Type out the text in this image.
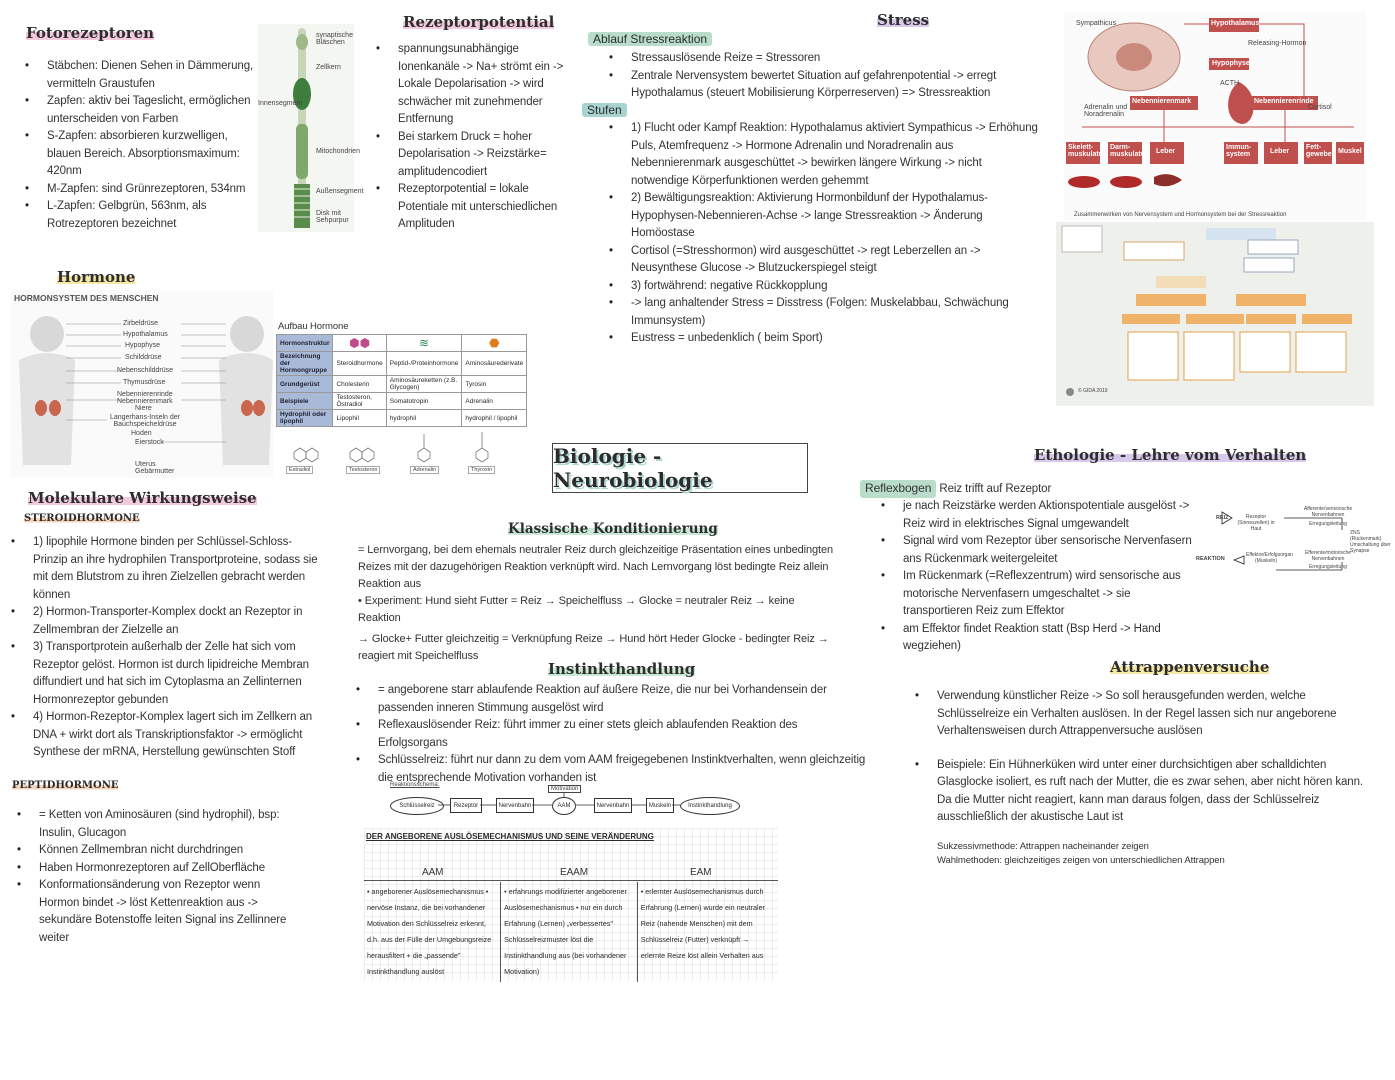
Fotorezeptoren
• Stäbchen: Dienen Sehen in Dämmerung, vermitteln Graustufen
• Zapfen: aktiv bei Tageslicht, ermöglichen unterscheiden von Farben
• S-Zapfen: absorbieren kurzwelligen, blauen Bereich. Absorptionsmaximum: 420nm
• M-Zapfen: sind Grünrezeptoren, 534nm
• L-Zapfen: Gelbgrün, 563nm, als Rotrezeptoren bezeichnet
synaptische Bläschen
Zellkern
Innensegment
Mitochondrien
Außensegment
Disk mit Sehpurpur
Rezeptorpotential
• spannungsunabhängige Ionenkanäle -> Na+ strömt ein -> Lokale Depolarisation -> wird schwächer mit zunehmender Entfernung
• Bei starkem Druck = hoher Depolarisation -> Reizstärke= amplitudencodiert
• Rezeptorpotential = lokale Potentiale mit unterschiedlichen Amplituden
Stress
Ablauf Stressreaktion
• Stressauslösende Reize = Stressoren
• Zentrale Nervensystem bewertet Situation auf gefahrenpotential -> erregt Hypothalamus (steuert Mobilisierung Körperreserven) => Stressreaktion
Stufen
• 1) Flucht oder Kampf Reaktion: Hypothalamus aktiviert Sympathicus -> Erhöhung Puls, Atemfrequenz -> Hormone Adrenalin und Noradrenalin aus Nebennierenmark ausgeschüttet -> bewirken längere Wirkung -> nicht notwendige Körperfunktionen werden gehemmt
• 2) Bewältigungsreaktion: Aktivierung Hormonbildunf der Hypothalamus-Hypophysen-Nebennieren-Achse -> lange Stressreaktion -> Änderung Homöostase
• Cortisol (=Stresshormon) wird ausgeschüttet -> regt Leberzellen an -> Neusynthese Glucose -> Blutzuckerspiegel steigt
• 3) fortwährend: negative Rückkopplung
• -> lang anhaltender Stress = Disstress (Folgen: Muskelabbau, Schwächung Immunsystem)
• Eustress = unbedenklich ( beim Sport)
Sympathicus	Hypothalamus
Releasing-Hormon
Hypophyse
ACTH
Adrenalin und Noradrenalin
Nebennierenmark	Nebennierenrinde
Cortisol
Skelett-muskulatur
Darm-muskulatur Leber
Immun-system	Leber
Fett-gewebe Muskel
Zusammenwirken von Nervensystem und Hormonsystem bei der Stressreaktion
© GIDA 2019
Hormone
HORMONSYSTEM DES MENSCHEN
Zirbeldrüse
Hypothalamus
Hypophyse
Schilddrüse
Nebenschilddrüse
Thymusdrüse
Nebennierenrinde
Nebennierenmark
Niere
Langerhans-Inseln der Bauchspeicheldrüse
Hoden
Eierstock
Uterus
Gebärmutter
Aufbau Hormone
Hormonstruktur	⬢⬢	≋	⬣
Bezeichnung der Hormongruppe	Steroidhormone	Peptid-/Proteinhormone	Aminosäurederivate
Grundgerüst	Cholesterin	Aminosäureketten (z.B. Glycogen)	Tyrosin
Beispiele	Testosteron, Östradiol	Somatotropin	Adrenalin
Hydrophil oder lipophil	Lipophil	hydrophil	hydrophil / lipophil
Estradiol	Testosteron	Adrenalin	Thyroxin
Biologie - Neurobiologie
Molekulare Wirkungsweise
STEROIDHORMONE
• 1) lipophile Hormone binden per Schlüssel-Schloss-Prinzip an ihre hydrophilen Transportproteine, sodass sie mit dem Blutstrom zu ihren Zielzellen gebracht werden können
• 2) Hormon-Transporter-Komplex dockt an Rezeptor in Zellmembran der Zielzelle an
• 3) Transportprotein außerhalb der Zelle hat sich vom Rezeptor gelöst. Hormon ist durch lipidreiche Membran diffundiert und hat sich im Cytoplasma an Zellinternen Hormonrezeptor gebunden
• 4) Hormon-Rezeptor-Komplex lagert sich im Zellkern an DNA + wirkt dort als Transkriptionsfaktor -> ermöglicht Synthese der mRNA, Herstellung gewünschten Stoff
PEPTIDHORMONE
• = Ketten von Aminosäuren (sind hydrophil), bsp: Insulin, Glucagon
• Können Zellmembran nicht durchdringen
• Haben Hormonrezeptoren auf ZellOberfläche
• Konformationsänderung von Rezeptor wenn Hormon bindet -> löst Kettenreaktion aus -> sekundäre Botenstoffe leiten Signal ins Zellinnere weiter
Klassische Konditionierung
= Lernvorgang, bei dem ehemals neutraler Reiz durch gleichzeitige Präsentation eines unbedingten Reizes mit der dazugehörigen Reaktion verknüpft wird. Nach Lernvorgang löst bedingte Reiz allein Reaktion aus
• Experiment: Hund sieht Futter = Reiz → Speichelfluss → Glocke = neutraler Reiz → keine Reaktion
→ Glocke+ Futter gleichzeitig = Verknüpfung Reize → Hund hört Heder Glocke - bedingter Reiz → reagiert mit Speichelfluss
Instinkthandlung
• = angeborene starr ablaufende Reaktion auf äußere Reize, die nur bei Vorhandensein der passenden inneren Stimmung ausgelöst wird
• Reflexauslösender Reiz: führt immer zu einer stets gleich ablaufenden Reaktion des Erfolgsorgans
• Schlüsselreiz: führt nur dann zu dem vom AAM freigegebenen Instinktverhalten, wenn gleichzeitig die entsprechende Motivation vorhanden ist
Reaktionsschema:
Motivation
Schlüsselreiz	Rezeptor	Nervenbahn	AAM	Nervenbahn	Muskeln	Instinkthandlung
DER ANGEBORENE AUSLÖSEMECHANISMUS UND SEINE VERÄNDERUNG
AAM	EAAM	EAM
• angeborener Auslösemechanismus • nervöse Instanz, die bei vorhandener Motivation den Schlüsselreiz erkennt, d.h. aus der Fülle der Umgebungsreize herausfiltert + die „passende" Instinkthandlung auslöst	• erfahrungs modifizierter angeborener Auslösemechanismus • nur ein durch Erfahrung (Lernen) „verbessertes" Schlüsselreizmuster löst die Instinkthandlung aus (bei vorhandener Motivation)	• erlernter Auslösemechanismus durch Erfahrung (Lernen) wurde ein neutraler Reiz (nahende Menschen) mit dem Schlüsselreiz (Futter) verknüpft → erlernte Reize löst allein Verhalten aus
Ethologie - Lehre vom Verhalten
Reflexbogen Reiz trifft auf Rezeptor
• je nach Reizstärke werden Aktionspotentiale ausgelöst -> Reiz wird in elektrisches Signal umgewandelt
• Signal wird vom Rezeptor über sensorische Nervenfasern ans Rückenmark weitergeleitet
• Im Rückenmark (=Reflexzentrum) wird sensorische aus motorische Nervenfasern umgeschaltet -> sie transportieren Reiz zum Effektor
• am Effektor findet Reaktion statt (Bsp Herd -> Hand wegziehen)
REIZ	Rezeptor (Sinneszellen) in Haut
Afferente/sensorische Nervenbahnen
Erregungsleitung
ZNS (Rückenmark) Umschaltung über Synapse
REAKTION
Effektor/Erfolgsorgan (Muskeln)
Efferente/motorische Nervenbahnen
Erregungsleitung
Attrappenversuche
• Verwendung künstlicher Reize -> So soll herausgefunden werden, welche Schlüsselreize ein Verhalten auslösen. In der Regel lassen sich nur angeborene Verhaltensweisen durch Attrappenversuche auslösen
• Beispiele: Ein Hühnerküken wird unter einer durchsichtigen aber schalldichten Glasglocke isoliert, es ruft nach der Mutter, die es zwar sehen, aber nicht hören kann. Da die Mutter nicht reagiert, kann man daraus folgen, dass der Schlüsselreiz ausschließlich der akustische Laut ist
Sukzessivmethode: Attrappen nacheinander zeigen
Wahlmethoden: gleichzeitiges zeigen von unterschiedlichen Attrappen
